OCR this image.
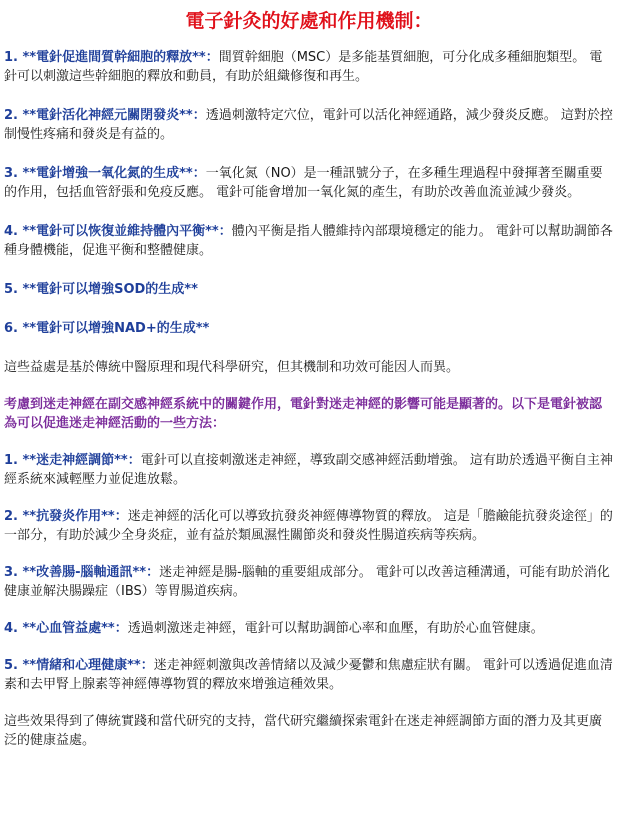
電子針灸的好處和作用機制：

1. **電針促進間質幹細胞的釋放**：間質幹細胞（MSC）是多能基質細胞，可分化成多種細胞類型。 電針可以刺激這些幹細胞的釋放和動員，有助於組織修復和再生。

2. **電針活化神經元關閉發炎**：透過刺激特定穴位，電針可以活化神經通路，減少發炎反應。 這對於控制慢性疼痛和發炎是有益的。

3. **電針增強一氧化氮的生成**：一氧化氮（NO）是一種訊號分子，在多種生理過程中發揮著至關重要的作用，包括血管舒張和免疫反應。 電針可能會增加一氧化氮的產生，有助於改善血流並減少發炎。

4. **電針可以恢復並維持體內平衡**：體內平衡是指人體維持內部環境穩定的能力。 電針可以幫助調節各種身體機能，促進平衡和整體健康。

5. **電針可以增強SOD的生成**

6. **電針可以增強NAD+的生成**

這些益處是基於傳統中醫原理和現代科學研究，但其機制和功效可能因人而異。

考慮到迷走神經在副交感神經系統中的關鍵作用，電針對迷走神經的影響可能是顯著的。以下是電針被認為可以促進迷走神經活動的一些方法：

1. **迷走神經調節**：電針可以直接刺激迷走神經，導致副交感神經活動增強。 這有助於透過平衡自主神經系統來減輕壓力並促進放鬆。

2. **抗發炎作用**：迷走神經的活化可以導致抗發炎神經傳導物質的釋放。 這是「膽鹼能抗發炎途徑」的一部分，有助於減少全身炎症，並有益於類風濕性關節炎和發炎性腸道疾病等疾病。

3. **改善腸-腦軸通訊**：迷走神經是腸-腦軸的重要組成部分。 電針可以改善這種溝通，可能有助於消化健康並解決腸躁症（IBS）等胃腸道疾病。

4. **心血管益處**：透過刺激迷走神經，電針可以幫助調節心率和血壓，有助於心血管健康。

5. **情緒和心理健康**：迷走神經刺激與改善情緒以及減少憂鬱和焦慮症狀有關。 電針可以透過促進血清素和去甲腎上腺素等神經傳導物質的釋放來增強這種效果。

這些效果得到了傳統實踐和當代研究的支持，當代研究繼續探索電針在迷走神經調節方面的潛力及其更廣泛的健康益處。
